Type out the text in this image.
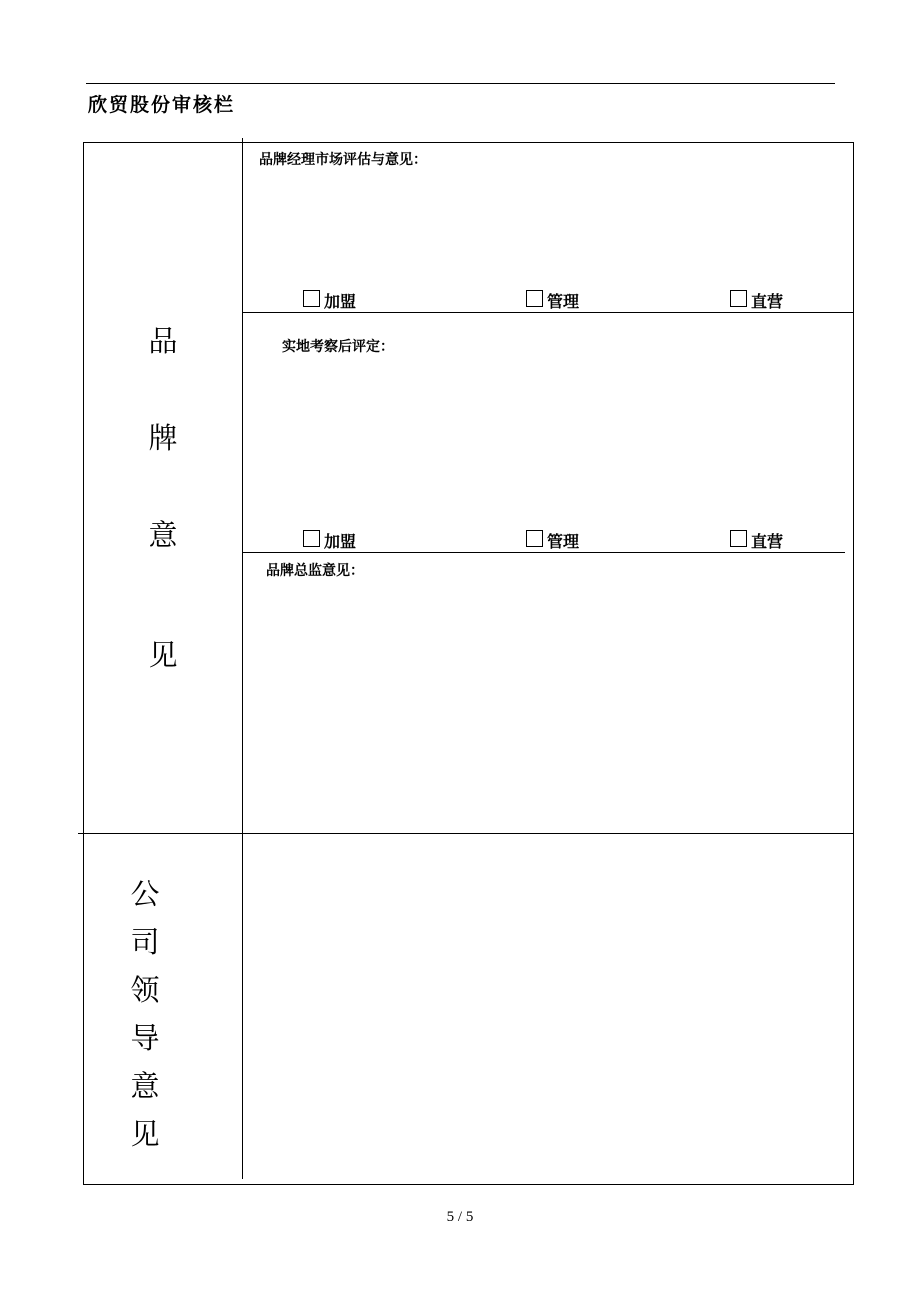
欣贸股份审核栏
品
牌
意
见
品牌经理市场评估与意见：
加盟	管理	直营
实地考察后评定：
加盟	管理	直营
品牌总监意见：
公
司
领
导
意
见
5 / 5
